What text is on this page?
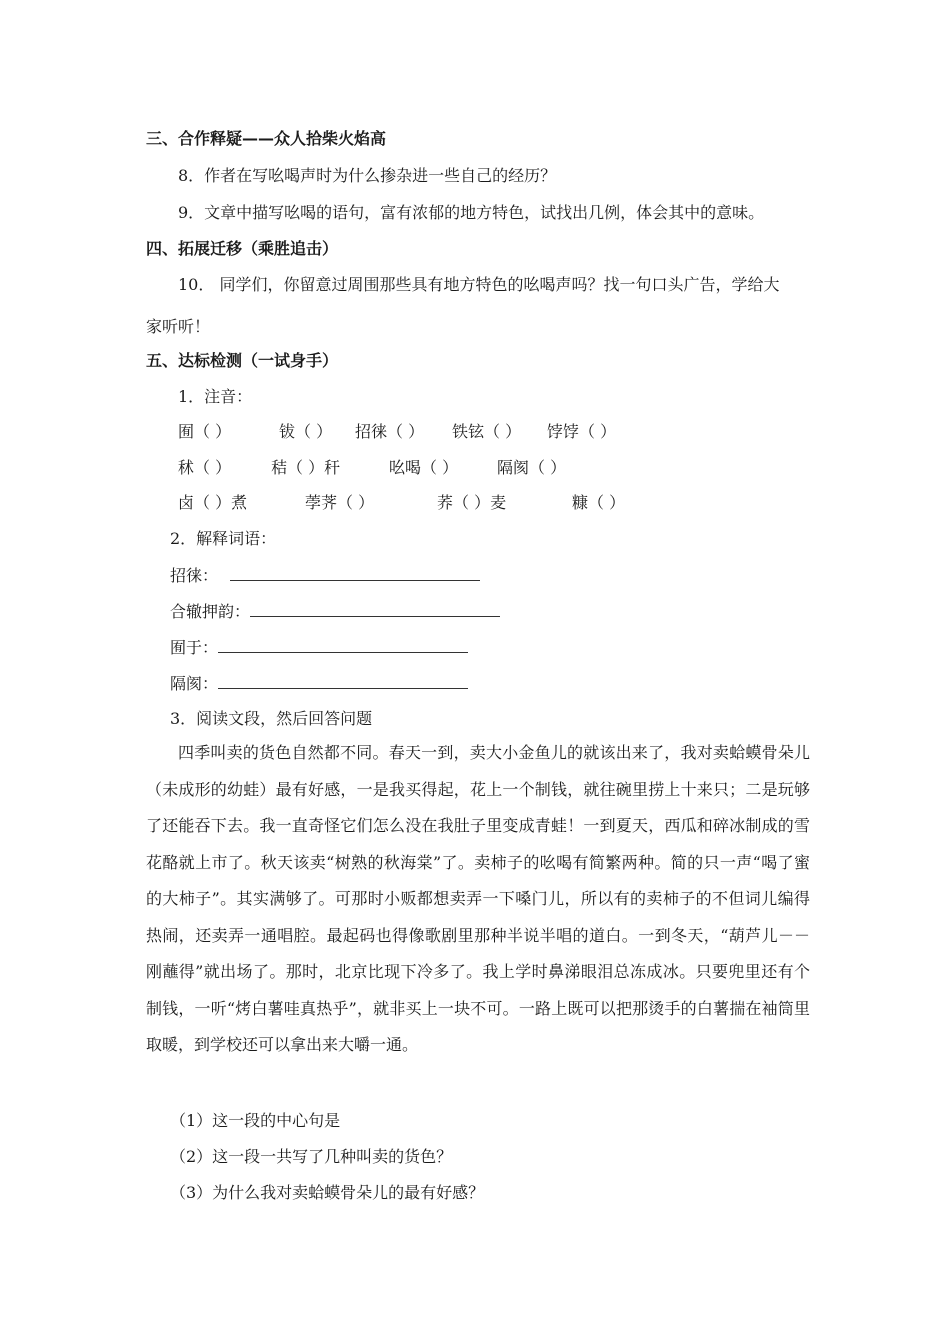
三、合作释疑——众人拾柴火焰高
8．作者在写吆喝声时为什么掺杂进一些自己的经历？
9．文章中描写吆喝的语句，富有浓郁的地方特色，试找出几例，体会其中的意味。
四、拓展迁移（乘胜追击）
10． 同学们，你留意过周围那些具有地方特色的吆喝声吗？找一句口头广告，学给大
家听听！
五、达标检测（一试身手）
1．注音：
囿（ ）	钹（ ） 招徕（ ） 铁铉（ ） 饽饽（ ）
秫（ ） 秸（ ）秆	吆喝（ ） 隔阂（ ）
卤（ ）煮	荸荠（ ）	荞（ ）麦	糠（ ）
2．解释词语：
招徕：
合辙押韵：
囿于：
隔阂：
3．阅读文段，然后回答问题
四季叫卖的货色自然都不同。春天一到，卖大小金鱼儿的就该出来了，我对卖蛤蟆骨朵儿（未成形的幼蛙）最有好感，一是我买得起，花上一个制钱，就往碗里捞上十来只；二是玩够了还能吞下去。我一直奇怪它们怎么没在我肚子里变成青蛙！一到夏天，西瓜和碎冰制成的雪花酪就上市了。秋天该卖“树熟的秋海棠”了。卖柿子的吆喝有简繁两种。简的只一声“喝了蜜的大柿子”。其实满够了。可那时小贩都想卖弄一下嗓门儿，所以有的卖柿子的不但词儿编得热闹，还卖弄一通唱腔。最起码也得像歌剧里那种半说半唱的道白。一到冬天，“葫芦儿－－刚蘸得”就出场了。那时，北京比现下冷多了。我上学时鼻涕眼泪总冻成冰。只要兜里还有个制钱，一听“烤白薯哇真热乎”，就非买上一块不可。一路上既可以把那烫手的白薯揣在袖筒里取暖，到学校还可以拿出来大嚼一通。
（1）这一段的中心句是
（2）这一段一共写了几种叫卖的货色？
（3）为什么我对卖蛤蟆骨朵儿的最有好感？
